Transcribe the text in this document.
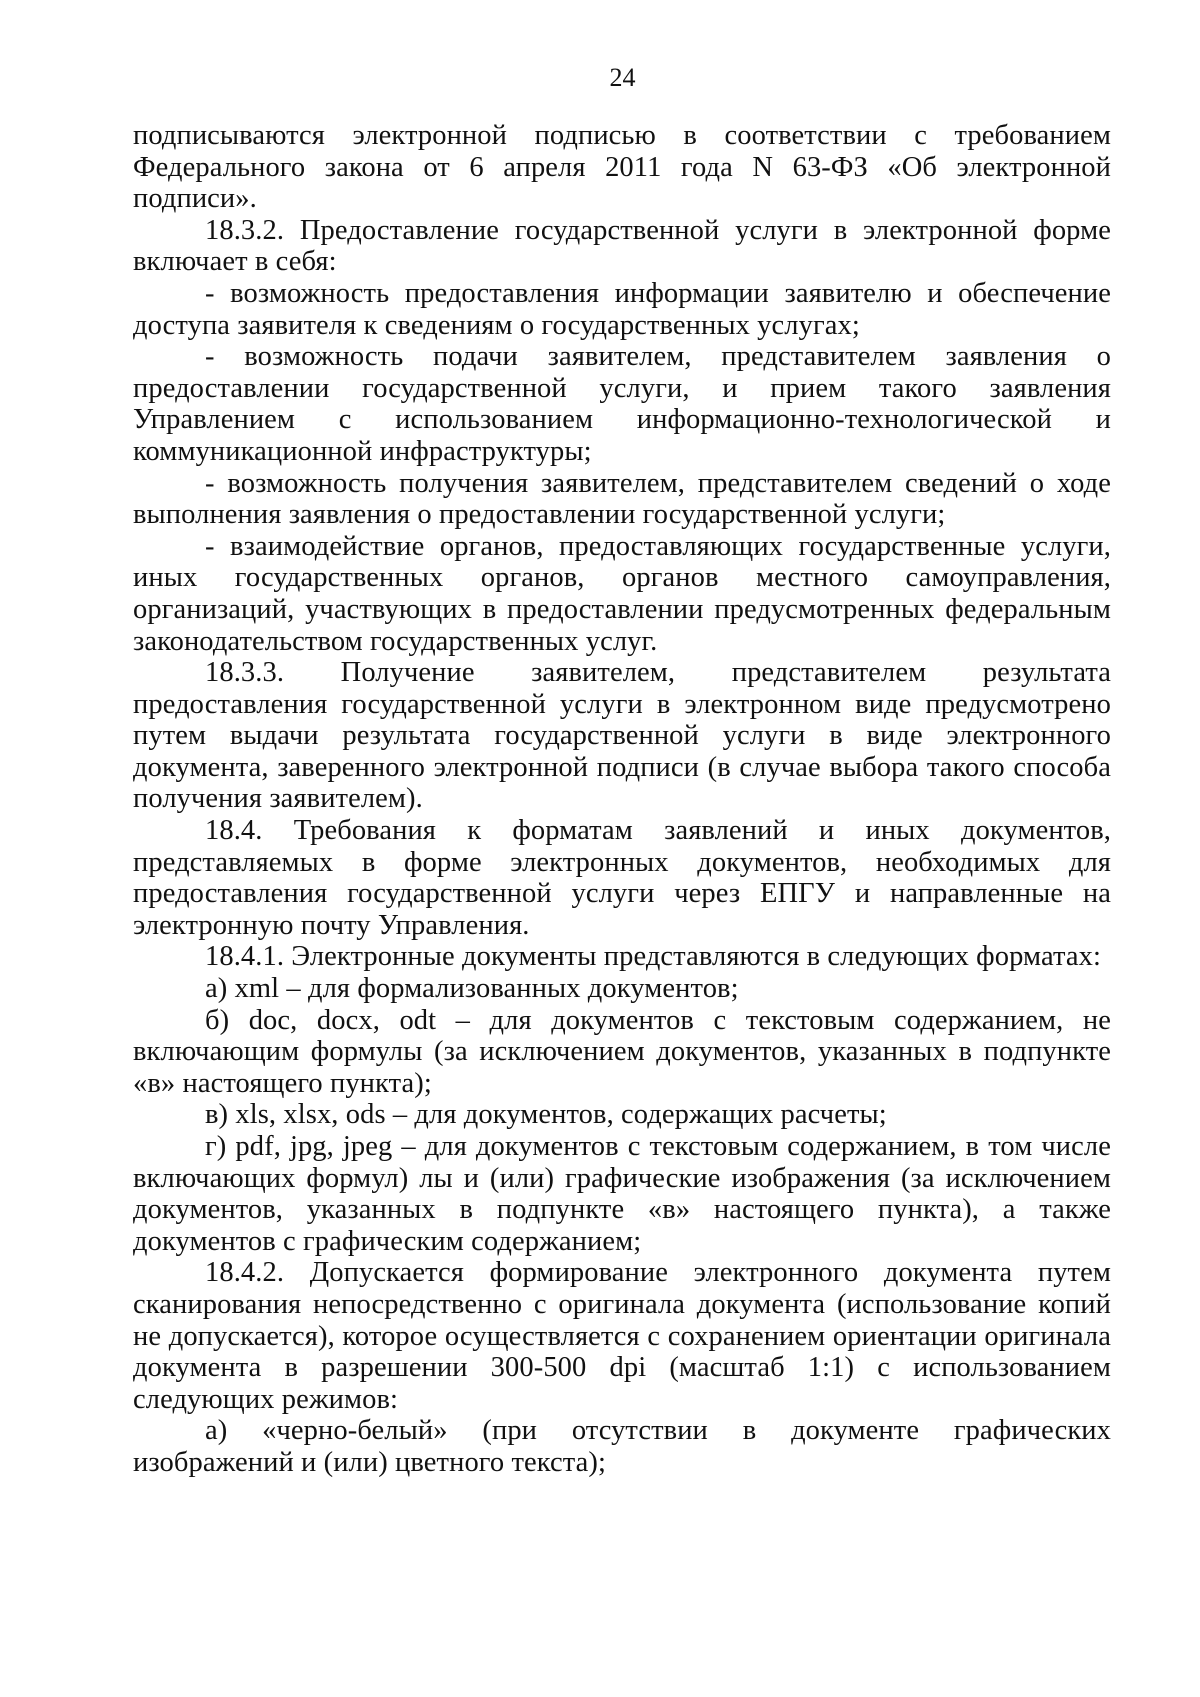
24

подписываются электронной подписью в соответствии с требованием Федерального закона от 6 апреля 2011 года N 63-ФЗ «Об электронной подписи».

18.3.2. Предоставление государственной услуги в электронной форме включает в себя:

- возможность предоставления информации заявителю и обеспечение доступа заявителя к сведениям о государственных услугах;

- возможность подачи заявителем, представителем заявления о предоставлении государственной услуги, и прием такого заявления Управлением с использованием информационно-технологической и коммуникационной инфраструктуры;

- возможность получения заявителем, представителем сведений о ходе выполнения заявления о предоставлении государственной услуги;

- взаимодействие органов, предоставляющих государственные услуги, иных государственных органов, органов местного самоуправления, организаций, участвующих в предоставлении предусмотренных федеральным законодательством государственных услуг.

18.3.3. Получение заявителем, представителем результата предоставления государственной услуги в электронном виде предусмотрено путем выдачи результата государственной услуги в виде электронного документа, заверенного электронной подписи (в случае выбора такого способа получения заявителем).

18.4. Требования к форматам заявлений и иных документов, представляемых в форме электронных документов, необходимых для предоставления государственной услуги через ЕПГУ и направленные на электронную почту Управления.

18.4.1. Электронные документы представляются в следующих форматах:

а) xml – для формализованных документов;

б) doc, docx, odt – для документов с текстовым содержанием, не включающим формулы (за исключением документов, указанных в подпункте «в» настоящего пункта);

в) xls, xlsx, ods – для документов, содержащих расчеты;

г) pdf, jpg, jpeg – для документов с текстовым содержанием, в том числе включающих формул) лы и (или) графические изображения (за исключением документов, указанных в подпункте «в» настоящего пункта), а также документов с графическим содержанием;

18.4.2. Допускается формирование электронного документа путем сканирования непосредственно с оригинала документа (использование копий не допускается), которое осуществляется с сохранением ориентации оригинала документа в разрешении 300-500 dpi (масштаб 1:1) с использованием следующих режимов:

а) «черно-белый» (при отсутствии в документе графических изображений и (или) цветного текста);
